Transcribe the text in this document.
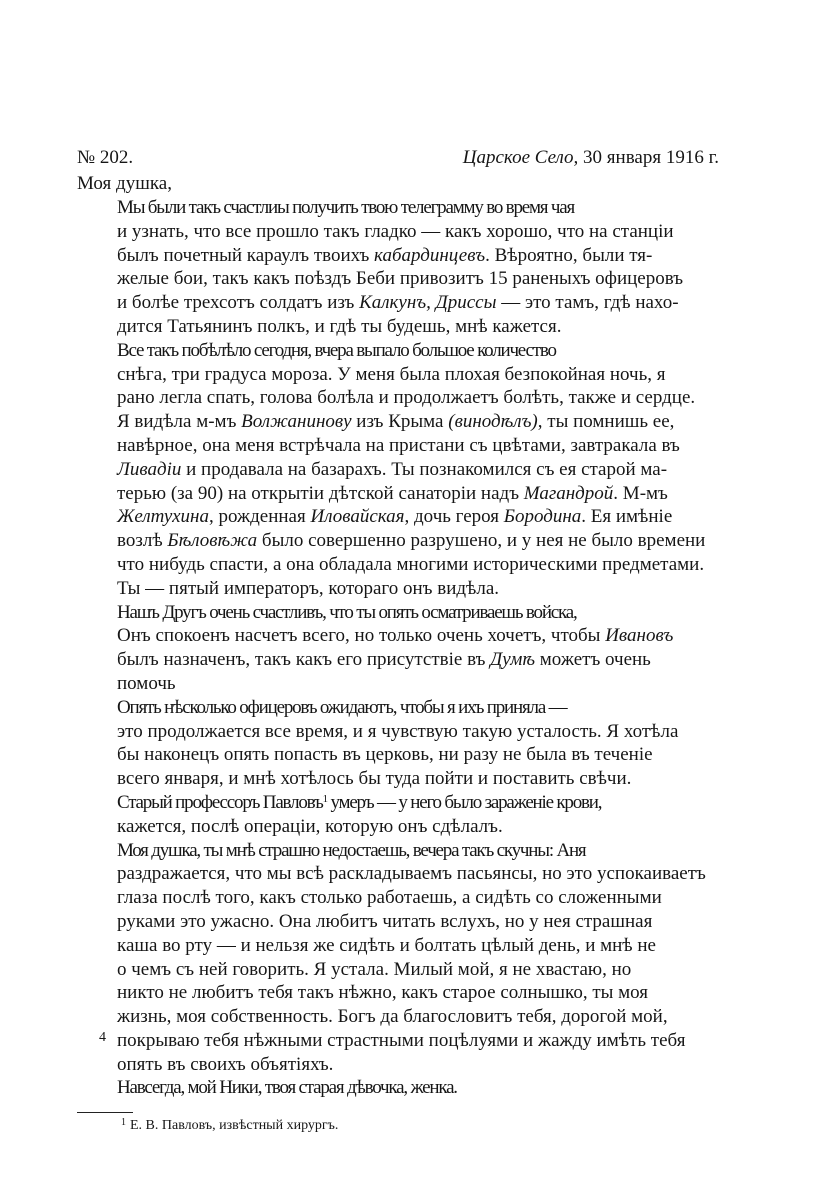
№ 202.	Царское Село, 30 января 1916 г.
Моя душка,

Мы были такъ счастлиы получить твою телеграмму во время чая
и узнать, что все прошло такъ гладко — какъ хорошо, что на станціи
былъ почетный караулъ твоихъ кабардинцевъ. Вѣроятно, были тя-
желые бои, такъ какъ поѣздъ Беби привозитъ 15 раненыхъ офицеровъ
и болѣе трехсотъ солдатъ изъ Калкунъ, Дриссы — это тамъ, гдѣ нахо-
дится Татьянинъ полкъ, и гдѣ ты будешь, мнѣ кажется.

Все такъ побѣлѣло сегодня, вчера выпало большое количество
снѣга, три градуса мороза. У меня была плохая безпокойная ночь, я
рано легла спать, голова болѣла и продолжаетъ болѣть, также и сердце.
Я видѣла м-мъ Волжанинову изъ Крыма (винодѣлъ), ты помнишь ее,
навѣрное, она меня встрѣчала на пристани съ цвѣтами, завтракала въ
Ливадіи и продавала на базарахъ. Ты познакомился съ ея старой ма-
терью (за 90) на открытіи дѣтской санаторіи надъ Магандрой. М-мъ
Желтухина, рожденная Иловайская, дочь героя Бородина. Ея имѣніе
возлѣ Бѣловѣжа было совершенно разрушено, и у нея не было времени
что нибудь спасти, а она обладала многими историческими предметами.
Ты — пятый императоръ, котораго онъ видѣла.

Нашъ Другъ очень счастливъ, что ты опять осматриваешь войска,
Онъ спокоенъ насчетъ всего, но только очень хочетъ, чтобы Ивановъ
былъ назначенъ, такъ какъ его присутствіе въ Думѣ можетъ очень
помочь

Опять нѣсколько офицеровъ ожидаютъ, чтобы я ихъ приняла —
это продолжается все время, и я чувствую такую усталость. Я хотѣла
бы наконецъ опять попасть въ церковь, ни разу не была въ теченіе
всего января, и мнѣ хотѣлось бы туда пойти и поставить свѣчи.

Старый профессоръ Павловъ$^1$ умеръ — у него было зараженіе крови,
кажется, послѣ операціи, которую онъ сдѣлалъ.

Моя душка, ты мнѣ страшно недостаешь, вечера такъ скучны: Аня
раздражается, что мы всѣ раскладываемъ пасьянсы, но это успокаиваетъ
глаза послѣ того, какъ столько работаешь, а сидѣть со сложенными
руками это ужасно. Она любитъ читать вслухъ, но у нея страшная
каша во рту — и нельзя же сидѣть и болтать цѣлый день, и мнѣ не
о чемъ съ ней говорить. Я устала. Милый мой, я не хвастаю, но
никто не любитъ тебя такъ нѣжно, какъ старое солнышко, ты моя
жизнь, моя собственность. Богъ да благословитъ тебя, дорогой мой,
покрываю тебя нѣжными страстными поцѣлуями и жажду имѣть тебя
опять въ своихъ объятіяхъ.

Навсегда, мой Ники, твоя старая дѣвочка, женка.

$^1$ Е. В. Павловъ, извѣстный хирургъ.
4
